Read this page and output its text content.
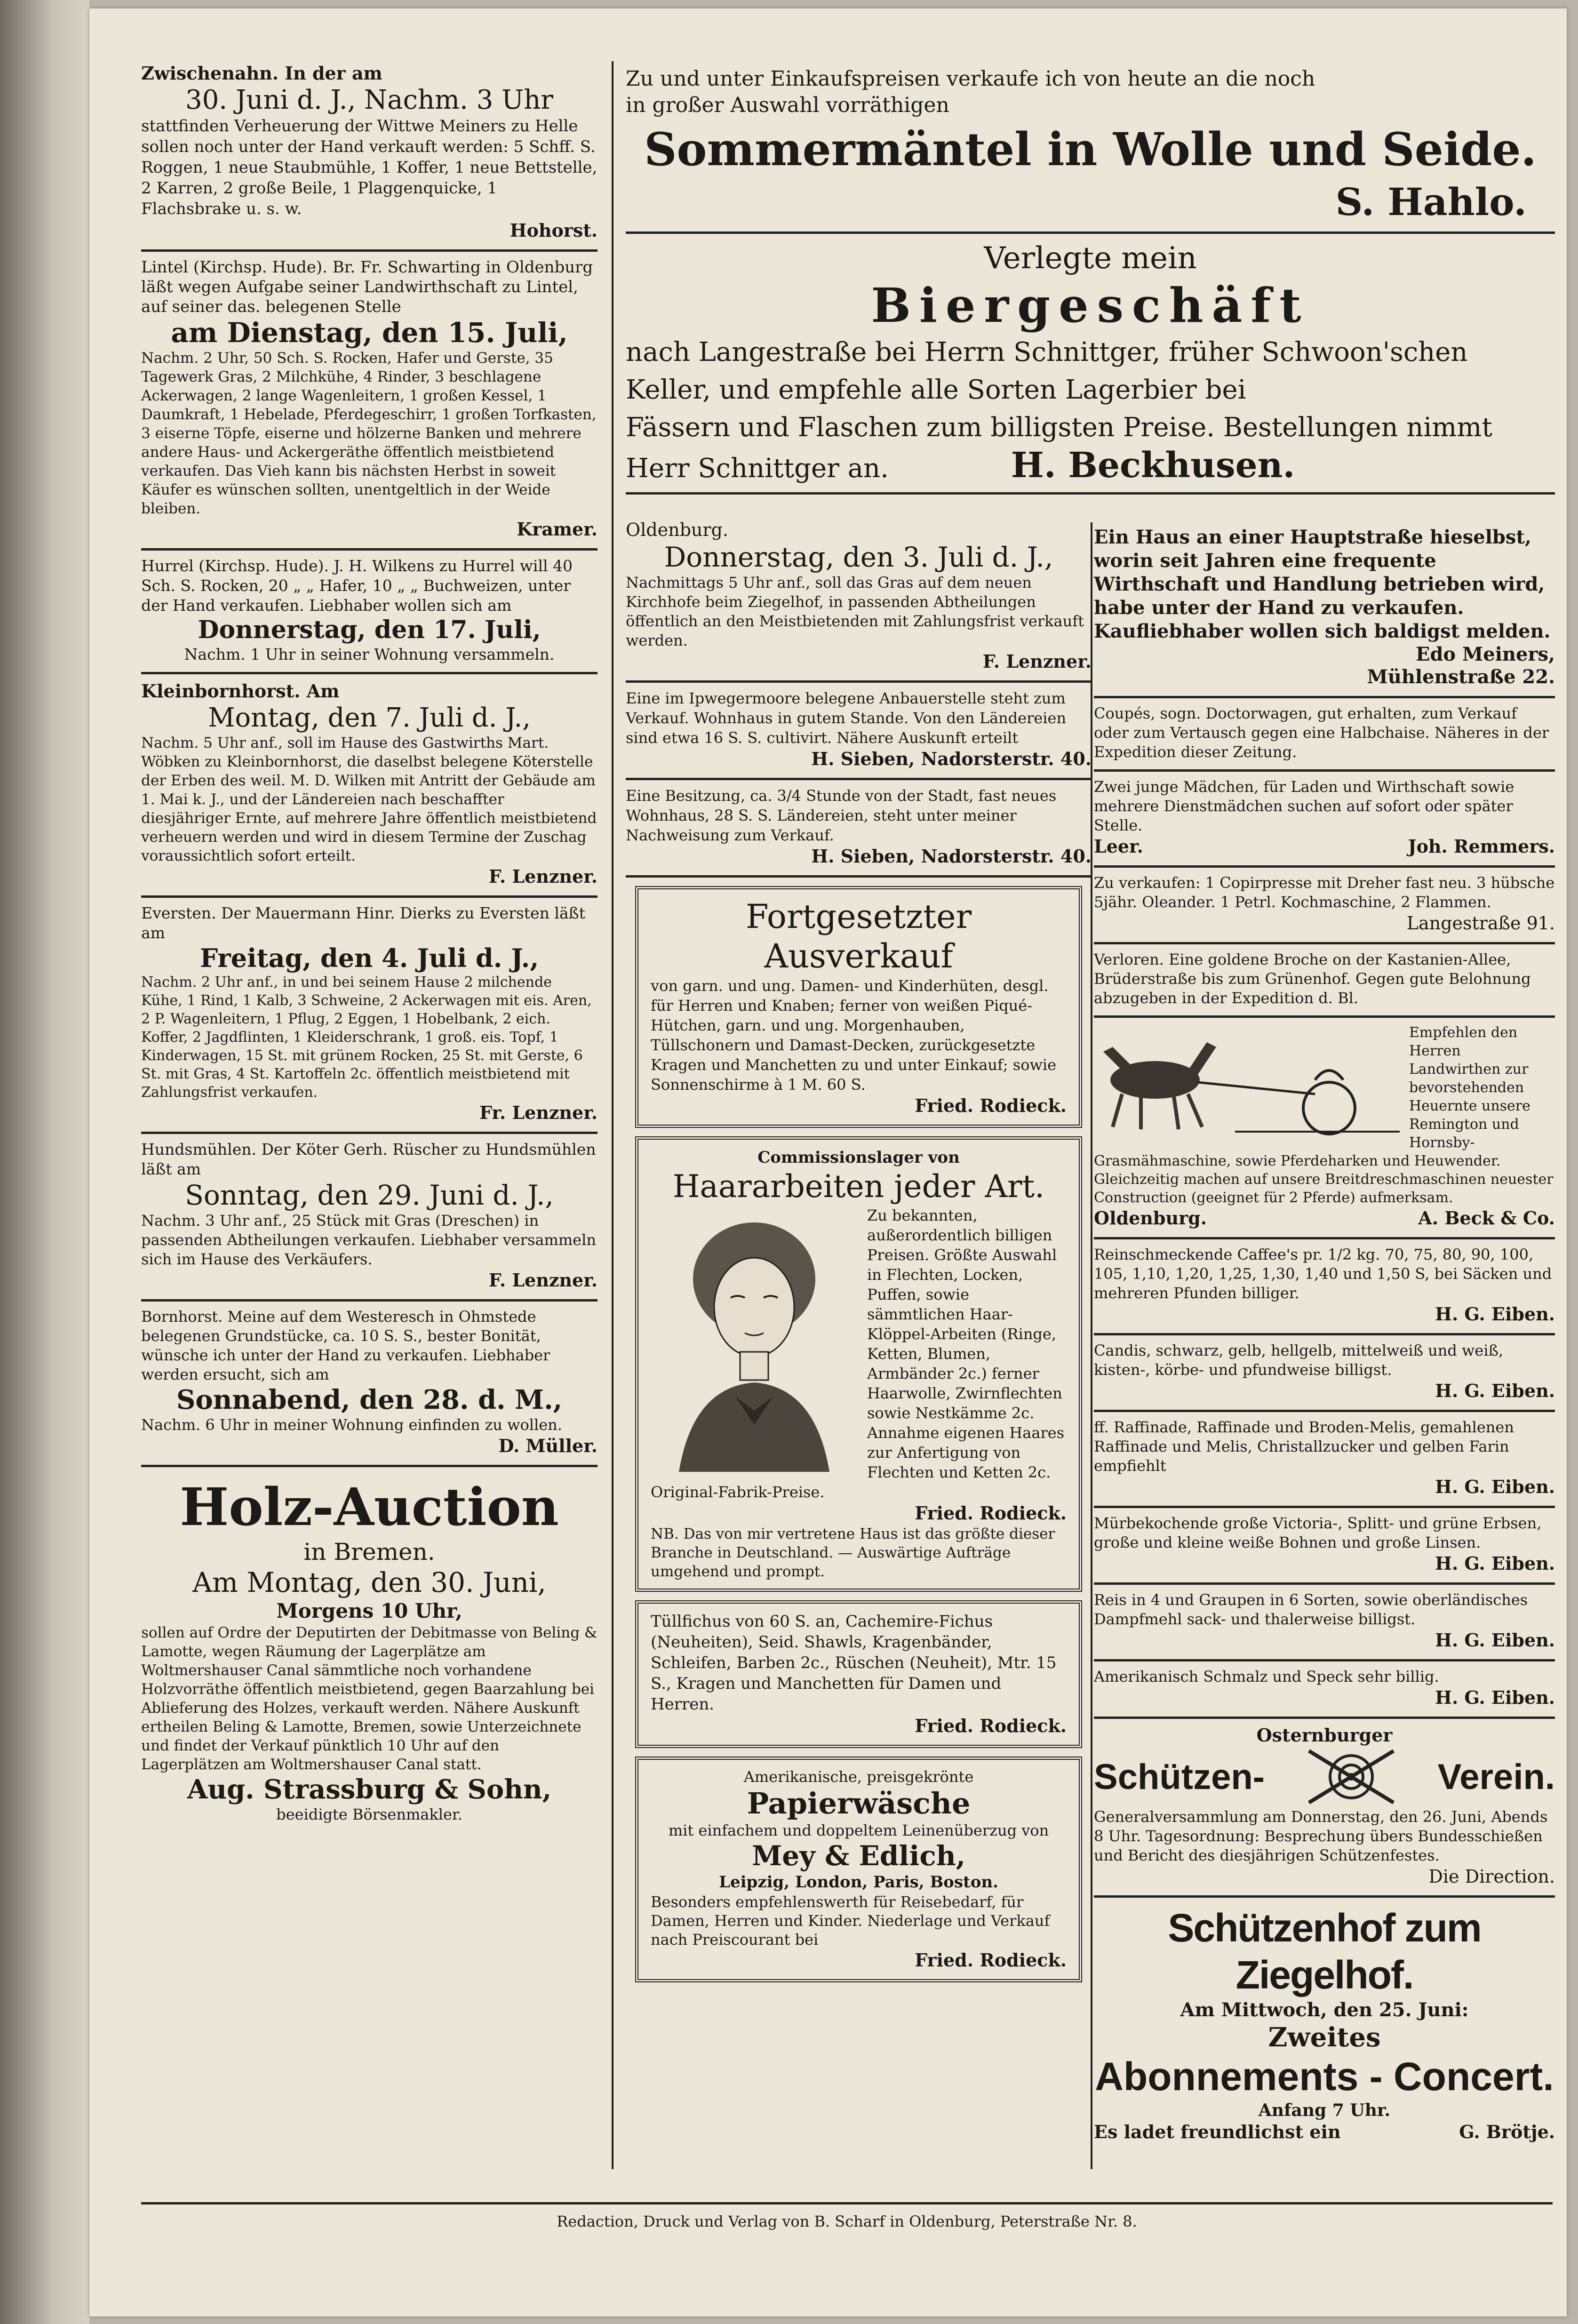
Zu und unter Einkaufspreisen verkaufe ich von heute an die noch

in großer Auswahl vorräthigen

Sommermäntel in Wolle und Seide.

S. Hahlo.

Verlegte mein

Biergeschäft

nach Langestraße bei Herrn Schnittger, früher Schwoon'schen

Keller, und empfehle alle Sorten Lagerbier bei

Fässern und Flaschen zum billigsten Preise. Bestellungen nimmt

Herr Schnittger an.	H. Beckhusen.

Zwischenahn. In der am

30. Juni d. J., Nachm. 3 Uhr

stattfinden Verheuerung der Wittwe Meiners zu Helle sollen noch unter der Hand verkauft werden: 5 Schff. S. Roggen, 1 neue Staubmühle, 1 Koffer, 1 neue Bettstelle, 2 Karren, 2 große Beile, 1 Plaggenquicke, 1 Flachsbrake u. s. w.

Hohorst.

Lintel (Kirchsp. Hude). Br. Fr. Schwarting in Oldenburg läßt wegen Aufgabe seiner Landwirthschaft zu Lintel, auf seiner das. belegenen Stelle

am Dienstag, den 15. Juli,

Nachm. 2 Uhr, 50 Sch. S. Rocken, Hafer und Gerste, 35 Tagewerk Gras, 2 Milchkühe, 4 Rinder, 3 beschlagene Ackerwagen, 2 lange Wagenleitern, 1 großen Kessel, 1 Daumkraft, 1 Hebelade, Pferdegeschirr, 1 großen Torfkasten, 3 eiserne Töpfe, eiserne und hölzerne Banken und mehrere andere Haus- und Ackergeräthe öffentlich meistbietend verkaufen. Das Vieh kann bis nächsten Herbst in soweit Käufer es wünschen sollten, unentgeltlich in der Weide bleiben.

Kramer.

Hurrel (Kirchsp. Hude). J. H. Wilkens zu Hurrel will 40 Sch. S. Rocken, 20 „ „ Hafer, 10 „ „ Buchweizen, unter der Hand verkaufen. Liebhaber wollen sich am

Donnerstag, den 17. Juli,

Nachm. 1 Uhr in seiner Wohnung versammeln.

Kleinbornhorst. Am

Montag, den 7. Juli d. J.,

Nachm. 5 Uhr anf., soll im Hause des Gastwirths Mart. Wöbken zu Kleinbornhorst, die daselbst belegene Köterstelle der Erben des weil. M. D. Wilken mit Antritt der Gebäude am 1. Mai k. J., und der Ländereien nach beschaffter diesjähriger Ernte, auf mehrere Jahre öffentlich meistbietend verheuern werden und wird in diesem Termine der Zuschag voraussichtlich sofort erteilt.

F. Lenzner.

Eversten. Der Mauermann Hinr. Dierks zu Eversten läßt am

Freitag, den 4. Juli d. J.,

Nachm. 2 Uhr anf., in und bei seinem Hause 2 milchende Kühe, 1 Rind, 1 Kalb, 3 Schweine, 2 Ackerwagen mit eis. Aren, 2 P. Wagenleitern, 1 Pflug, 2 Eggen, 1 Hobelbank, 2 eich. Koffer, 2 Jagdflinten, 1 Kleiderschrank, 1 groß. eis. Topf, 1 Kinderwagen, 15 St. mit grünem Rocken, 25 St. mit Gerste, 6 St. mit Gras, 4 St. Kartoffeln 2c. öffentlich meistbietend mit Zahlungsfrist verkaufen.

Fr. Lenzner.

Hundsmühlen. Der Köter Gerh. Rüscher zu Hundsmühlen läßt am

Sonntag, den 29. Juni d. J.,

Nachm. 3 Uhr anf., 25 Stück mit Gras (Dreschen) in passenden Abtheilungen verkaufen. Liebhaber versammeln sich im Hause des Verkäufers.

F. Lenzner.

Bornhorst. Meine auf dem Westeresch in Ohmstede belegenen Grundstücke, ca. 10 S. S., bester Bonität, wünsche ich unter der Hand zu verkaufen. Liebhaber werden ersucht, sich am

Sonnabend, den 28. d. M.,

Nachm. 6 Uhr in meiner Wohnung einfinden zu wollen.

D. Müller.

Holz-Auction

in Bremen.

Am Montag, den 30. Juni,

Morgens 10 Uhr,

sollen auf Ordre der Deputirten der Debitmasse von Beling & Lamotte, wegen Räumung der Lagerplätze am Woltmershauser Canal sämmtliche noch vorhandene Holzvorräthe öffentlich meistbietend, gegen Baarzahlung bei Ablieferung des Holzes, verkauft werden. Nähere Auskunft ertheilen Beling & Lamotte, Bremen, sowie Unterzeichnete und findet der Verkauf pünktlich 10 Uhr auf den Lagerplätzen am Woltmershauser Canal statt.

Aug. Strassburg & Sohn,

beeidigte Börsenmakler.

Oldenburg.

Donnerstag, den 3. Juli d. J.,

Nachmittags 5 Uhr anf., soll das Gras auf dem neuen Kirchhofe beim Ziegelhof, in passenden Abtheilungen öffentlich an den Meistbietenden mit Zahlungsfrist verkauft werden.

F. Lenzner.

Eine im Ipwegermoore belegene Anbauerstelle steht zum Verkauf. Wohnhaus in gutem Stande. Von den Ländereien sind etwa 16 S. S. cultivirt. Nähere Auskunft erteilt

H. Sieben, Nadorsterstr. 40.

Eine Besitzung, ca. 3/4 Stunde von der Stadt, fast neues Wohnhaus, 28 S. S. Ländereien, steht unter meiner Nachweisung zum Verkauf.

H. Sieben, Nadorsterstr. 40.

Fortgesetzter Ausverkauf

von garn. und ung. Damen- und Kinderhüten, desgl. für Herren und Knaben; ferner von weißen Piqué-Hütchen, garn. und ung. Morgenhauben, Tüllschonern und Damast-Decken, zurückgesetzte Kragen und Manchetten zu und unter Einkauf; sowie Sonnenschirme à 1 M. 60 S.

Fried. Rodieck.

Commissionslager von

Haararbeiten jeder Art.

Zu bekannten, außerordentlich billigen Preisen. Größte Auswahl in Flechten, Locken, Puffen, sowie sämmtlichen Haar-Klöppel-Arbeiten (Ringe, Ketten, Blumen, Armbänder 2c.) ferner Haarwolle, Zwirnflechten sowie Nestkämme 2c.

Annahme eigenen Haares zur Anfertigung von Flechten und Ketten 2c. Original-Fabrik-Preise.

Fried. Rodieck.

NB. Das von mir vertretene Haus ist das größte dieser Branche in Deutschland. — Auswärtige Aufträge umgehend und prompt.

Tüllfichus von 60 S. an, Cachemire-Fichus (Neuheiten), Seid. Shawls, Kragenbänder, Schleifen, Barben 2c., Rüschen (Neuheit), Mtr. 15 S., Kragen und Manchetten für Damen und Herren.

Fried. Rodieck.

Amerikanische, preisgekrönte

Papierwäsche

mit einfachem und doppeltem Leinenüberzug von

Mey & Edlich,

Leipzig, London, Paris, Boston.

Besonders empfehlenswerth für Reisebedarf, für Damen, Herren und Kinder. Niederlage und Verkauf nach Preiscourant bei

Fried. Rodieck.

Ein Haus an einer Hauptstraße hieselbst, worin seit Jahren eine frequente Wirthschaft und Handlung betrieben wird, habe unter der Hand zu verkaufen. Kaufliebhaber wollen sich baldigst melden.

Edo Meiners,

Mühlenstraße 22.

Coupés, sogn. Doctorwagen, gut erhalten, zum Verkauf oder zum Vertausch gegen eine Halbchaise. Näheres in der Expedition dieser Zeitung.

Zwei junge Mädchen, für Laden und Wirthschaft sowie mehrere Dienstmädchen suchen auf sofort oder später Stelle.

Leer.	Joh. Remmers.

Zu verkaufen: 1 Copirpresse mit Dreher fast neu. 3 hübsche 5jähr. Oleander. 1 Petrl. Kochmaschine, 2 Flammen.

Langestraße 91.

Verloren. Eine goldene Broche on der Kastanien-Allee, Brüderstraße bis zum Grünenhof. Gegen gute Belohnung abzugeben in der Expedition d. Bl.

Empfehlen den Herren Landwirthen zur bevorstehenden Heuernte unsere Remington und Hornsby-Grasmähmaschine, sowie Pferdeharken und Heuwender. Gleichzeitig machen auf unsere Breitdreschmaschinen neuester Construction (geeignet für 2 Pferde) aufmerksam.

Oldenburg.	A. Beck & Co.

Reinschmeckende Caffee's pr. 1/2 kg. 70, 75, 80, 90, 100, 105, 1,10, 1,20, 1,25, 1,30, 1,40 und 1,50 S, bei Säcken und mehreren Pfunden billiger.

H. G. Eiben.

Candis, schwarz, gelb, hellgelb, mittelweiß und weiß, kisten-, körbe- und pfundweise billigst.

H. G. Eiben.

ff. Raffinade, Raffinade und Broden-Melis, gemahlenen Raffinade und Melis, Christallzucker und gelben Farin empfiehlt

H. G. Eiben.

Mürbekochende große Victoria-, Splitt- und grüne Erbsen, große und kleine weiße Bohnen und große Linsen.

H. G. Eiben.

Reis in 4 und Graupen in 6 Sorten, sowie oberländisches Dampfmehl sack- und thalerweise billigst.

H. G. Eiben.

Amerikanisch Schmalz und Speck sehr billig.

H. G. Eiben.

Osternburger

Schützen-	Verein.

Generalversammlung am Donnerstag, den 26. Juni, Abends 8 Uhr. Tagesordnung: Besprechung übers Bundesschießen und Bericht des diesjährigen Schützenfestes.

Die Direction.

Schützenhof zum Ziegelhof.

Am Mittwoch, den 25. Juni:

Zweites

Abonnements - Concert.

Anfang 7 Uhr.

Es ladet freundlichst ein	G. Brötje.

Redaction, Druck und Verlag von B. Scharf in Oldenburg, Peterstraße Nr. 8.
